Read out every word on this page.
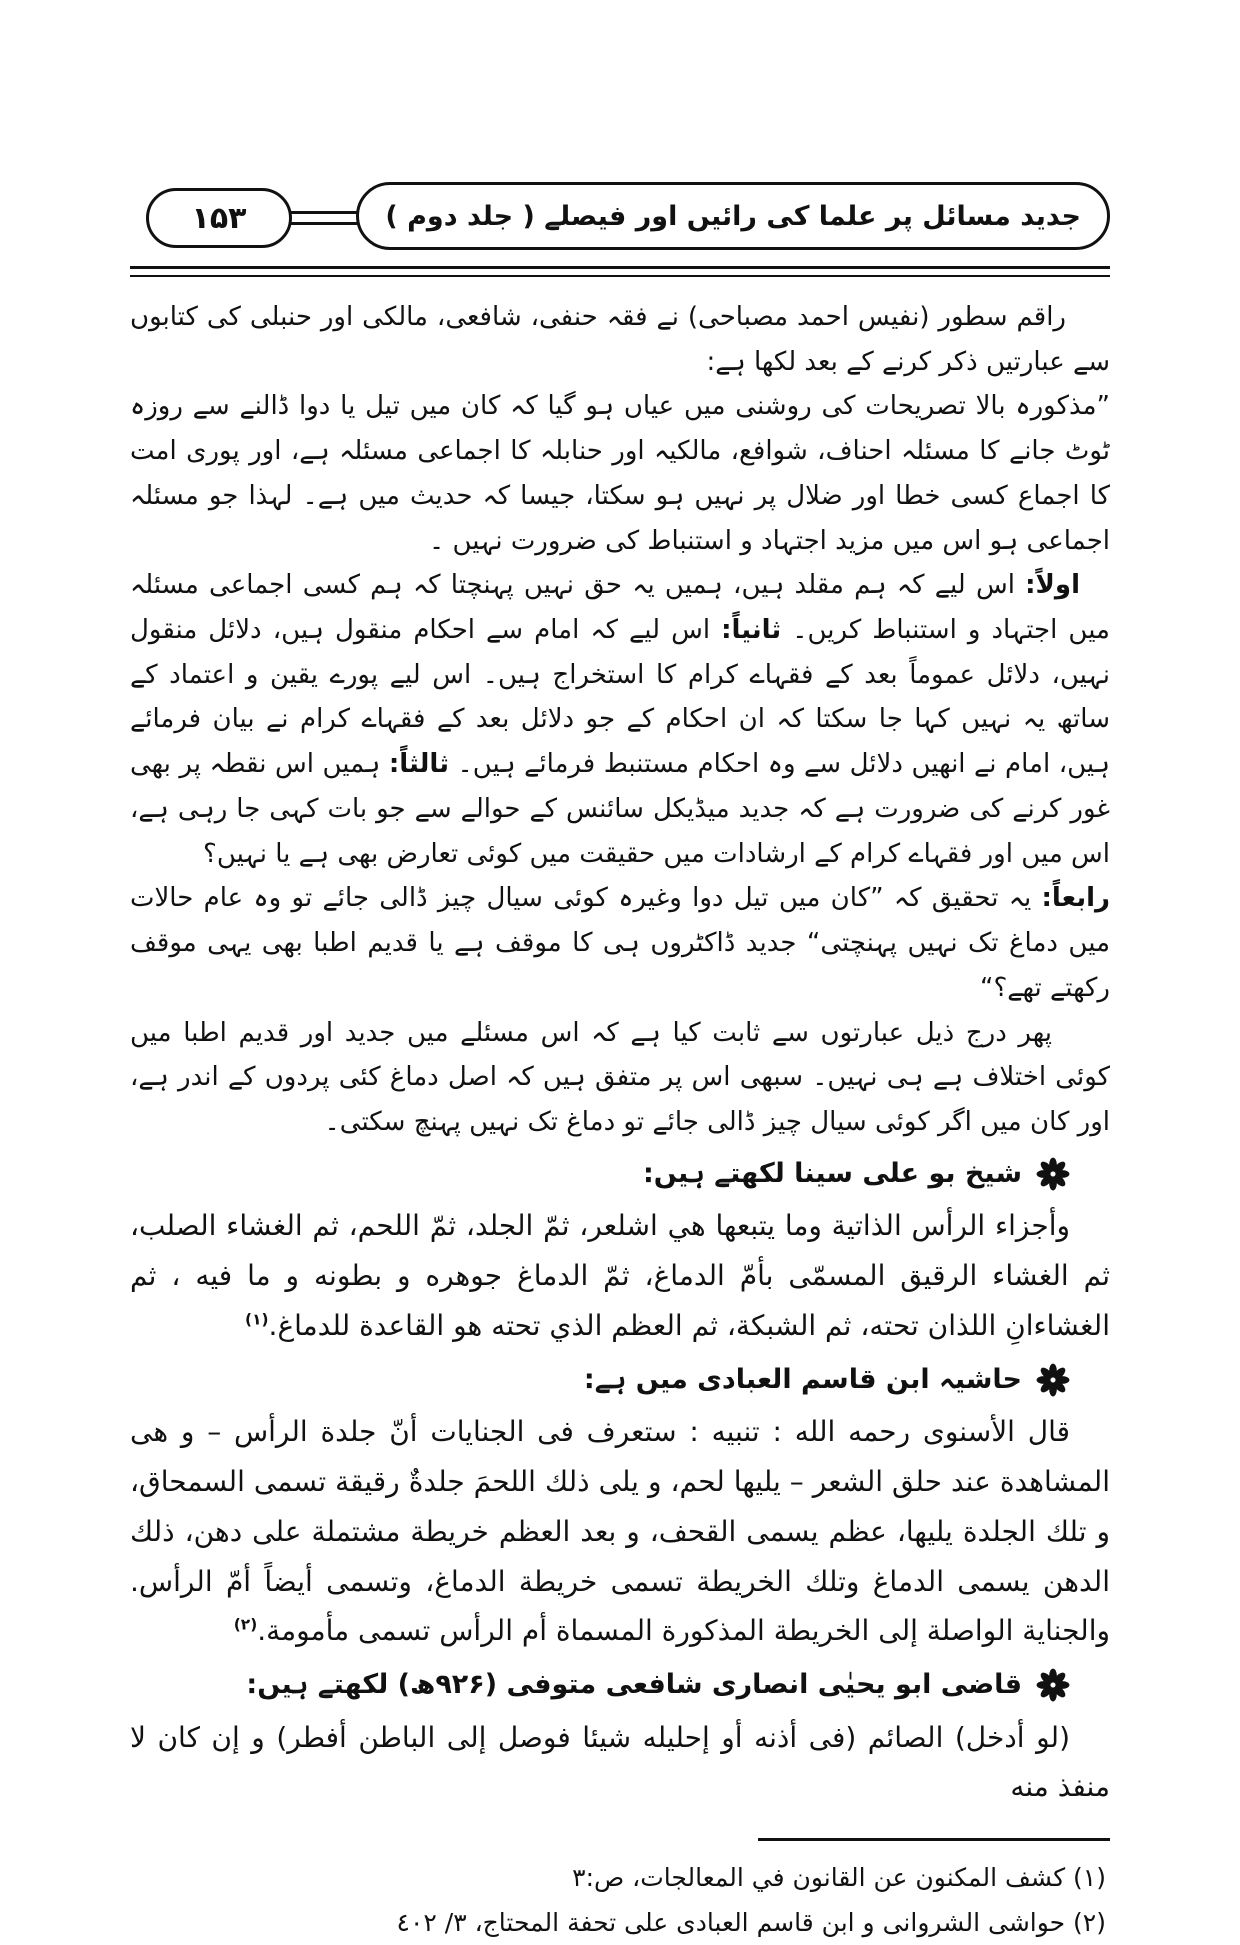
جدید مسائل پر علما کی رائیں اور فیصلے ( جلد دوم )
۱۵۳

راقم سطور (نفیس احمد مصباحی) نے فقہ حنفی، شافعی، مالکی اور حنبلی کی کتابوں سے عبارتیں ذکر کرنے کے بعد لکھا ہے:

”مذکورہ بالا تصریحات کی روشنی میں عیاں ہو گیا کہ کان میں تیل یا دوا ڈالنے سے روزہ ٹوٹ جانے کا مسئلہ احناف، شوافع، مالکیہ اور حنابلہ کا اجماعی مسئلہ ہے، اور پوری امت کا اجماع کسی خطا اور ضلال پر نہیں ہو سکتا، جیسا کہ حدیث میں ہے۔ لہذا جو مسئلہ اجماعی ہو اس میں مزید اجتہاد و استنباط کی ضرورت نہیں ۔

اولاً: اس لیے کہ ہم مقلد ہیں، ہمیں یہ حق نہیں پہنچتا کہ ہم کسی اجماعی مسئلہ میں اجتہاد و استنباط کریں۔ ثانیاً: اس لیے کہ امام سے احکام منقول ہیں، دلائل منقول نہیں، دلائل عموماً بعد کے فقہاے کرام کا استخراج ہیں۔ اس لیے پورے یقین و اعتماد کے ساتھ یہ نہیں کہا جا سکتا کہ ان احکام کے جو دلائل بعد کے فقہاے کرام نے بیان فرمائے ہیں، امام نے انھیں دلائل سے وہ احکام مستنبط فرمائے ہیں۔ ثالثاً: ہمیں اس نقطہ پر بھی غور کرنے کی ضرورت ہے کہ جدید میڈیکل سائنس کے حوالے سے جو بات کہی جا رہی ہے، اس میں اور فقہاے کرام کے ارشادات میں حقیقت میں کوئی تعارض بھی ہے یا نہیں؟

رابعاً: یہ تحقیق کہ ”کان میں تیل دوا وغیرہ کوئی سیال چیز ڈالی جائے تو وہ عام حالات میں دماغ تک نہیں پہنچتی“ جدید ڈاکٹروں ہی کا موقف ہے یا قدیم اطبا بھی یہی موقف رکھتے تھے؟“

پھر درج ذیل عبارتوں سے ثابت کیا ہے کہ اس مسئلے میں جدید اور قدیم اطبا میں کوئی اختلاف ہے ہی نہیں۔ سبھی اس پر متفق ہیں کہ اصل دماغ کئی پردوں کے اندر ہے، اور کان میں اگر کوئی سیال چیز ڈالی جائے تو دماغ تک نہیں پہنچ سکتی۔

شیخ بو علی سینا لکھتے ہیں:

وأجزاء الرأس الذاتية وما يتبعها هي اشلعر، ثمّ الجلد، ثمّ اللحم، ثم الغشاء الصلب، ثم الغشاء الرقيق المسمّى بأمّ الدماغ، ثمّ الدماغ جوهره و بطونه و ما فيه ، ثم الغشاءانِ اللذان تحته، ثم الشبكة، ثم العظم الذي تحته هو القاعدة للدماغ.$^{(١)}$

حاشیہ ابن قاسم العبادی میں ہے:

قال الأسنوى رحمه الله : تنبيه : ستعرف فى الجنايات أنّ جلدة الرأس – و هى المشاهدة عند حلق الشعر – يليها لحم، و يلى ذلك اللحمَ جلدةٌ رقيقة تسمى السمحاق، و تلك الجلدة يليها، عظم يسمى القحف، و بعد العظم خريطة مشتملة على دهن، ذلك الدهن يسمى الدماغ وتلك الخريطة تسمى خريطة الدماغ، وتسمى أيضاً أمّ الرأس. والجناية الواصلة إلى الخريطة المذكورة المسماة أم الرأس تسمى مأمومة.$^{(٢)}$

قاضی ابو یحیٰی انصاری شافعی متوفی (۹۲۶ھ) لکھتے ہیں:

(لو أدخل) الصائم (فى أذنه أو إحليله شيئا فوصل إلى الباطن أفطر) و إن كان لا منفذ منه

(١) كشف المكنون عن القانون في المعالجات، ص:٣

(٢) حواشى الشروانى و ابن قاسم العبادى على تحفة المحتاج، ٣/ ٤٠٢
